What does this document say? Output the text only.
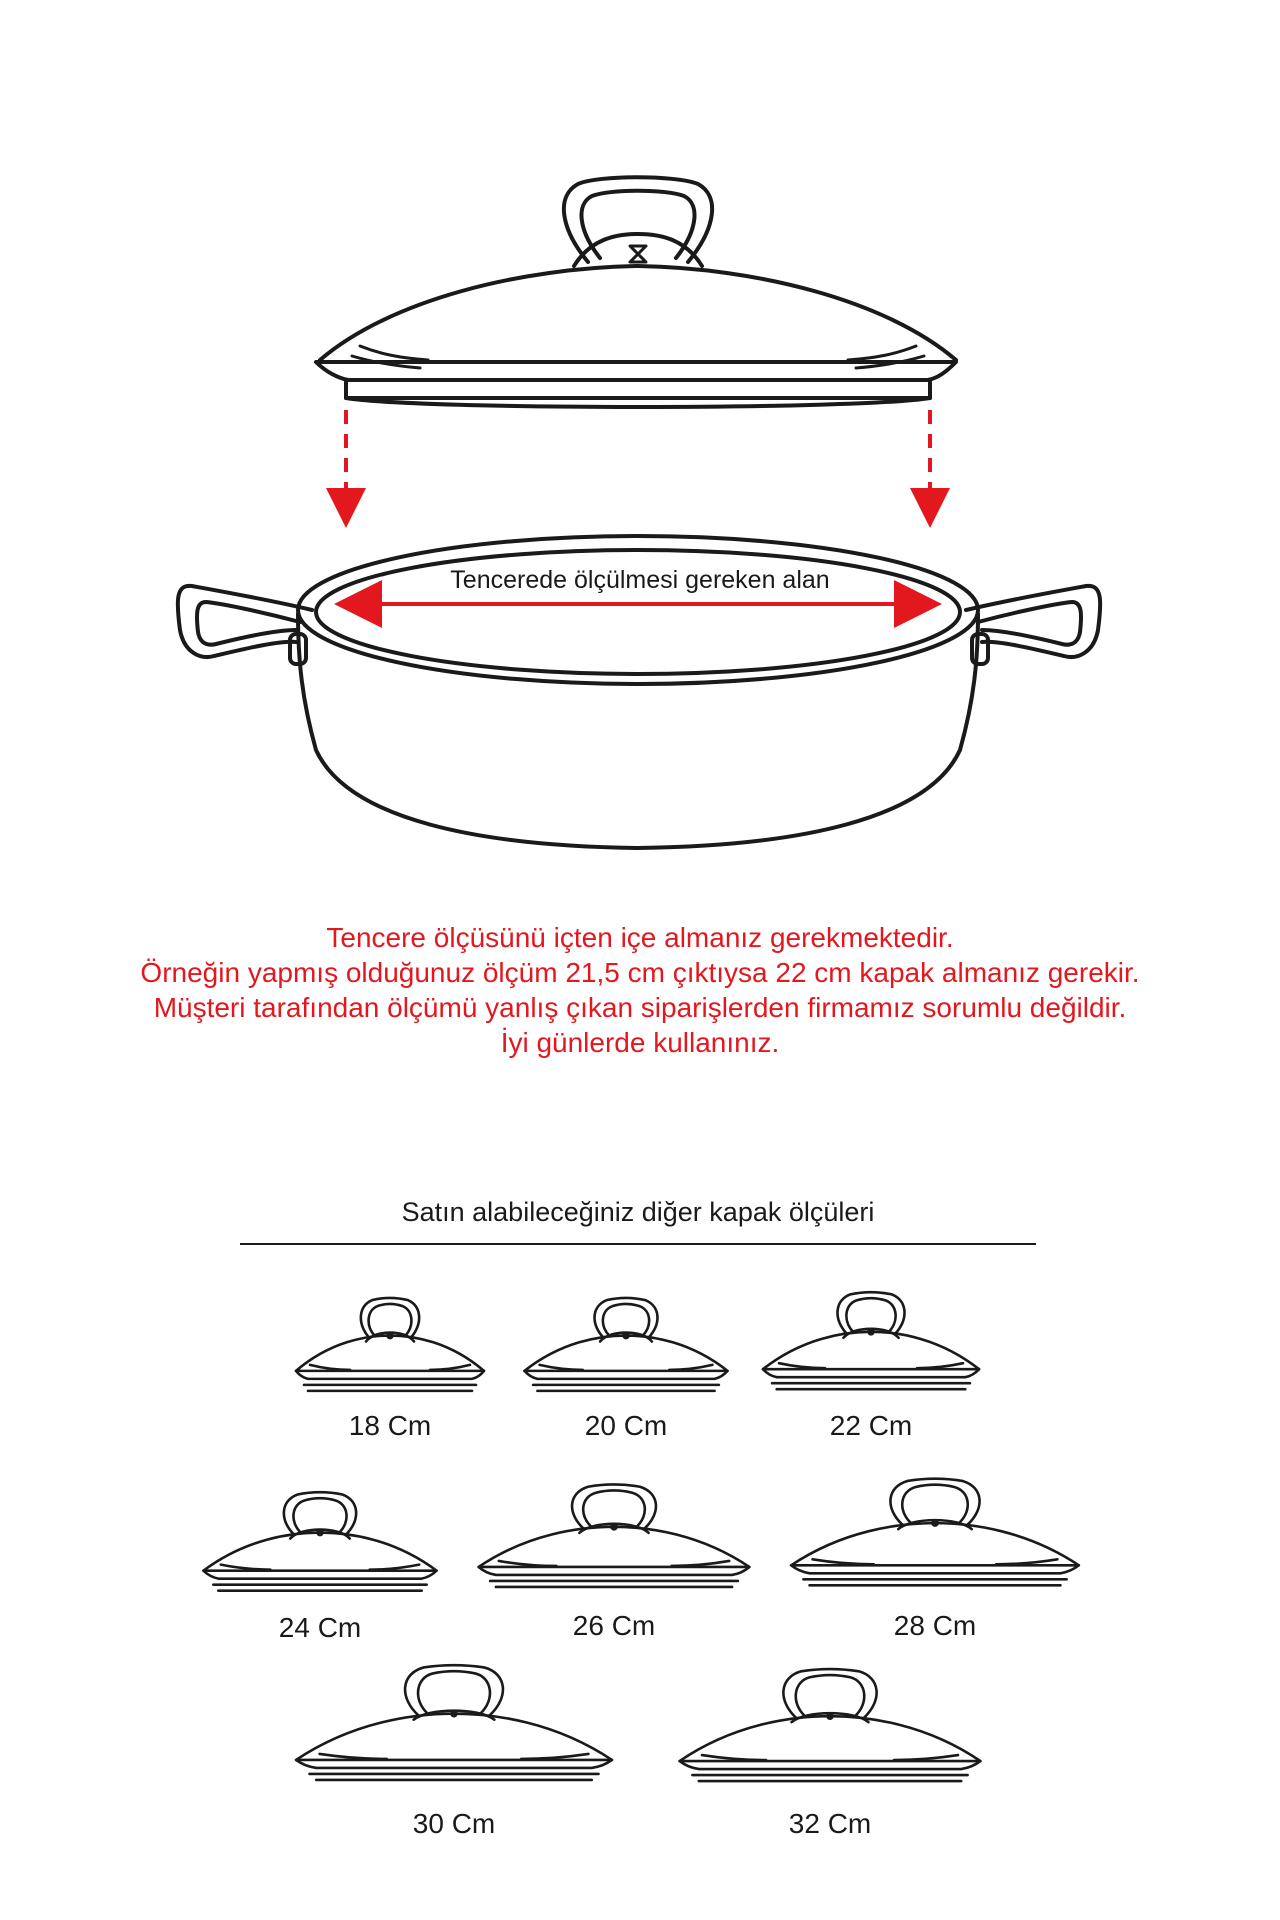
Tencerede ölçülmesi gereken alan
Tencere ölçüsünü içten içe almanız gerekmektedir.
Örneğin yapmış olduğunuz ölçüm 21,5 cm çıktıysa 22 cm kapak almanız gerekir.
Müşteri tarafından ölçümü yanlış çıkan siparişlerden firmamız sorumlu değildir.
İyi günlerde kullanınız.
Satın alabileceğiniz diğer kapak ölçüleri
18 Cm	20 Cm	22 Cm
24 Cm	26 Cm	28 Cm
30 Cm	32 Cm
